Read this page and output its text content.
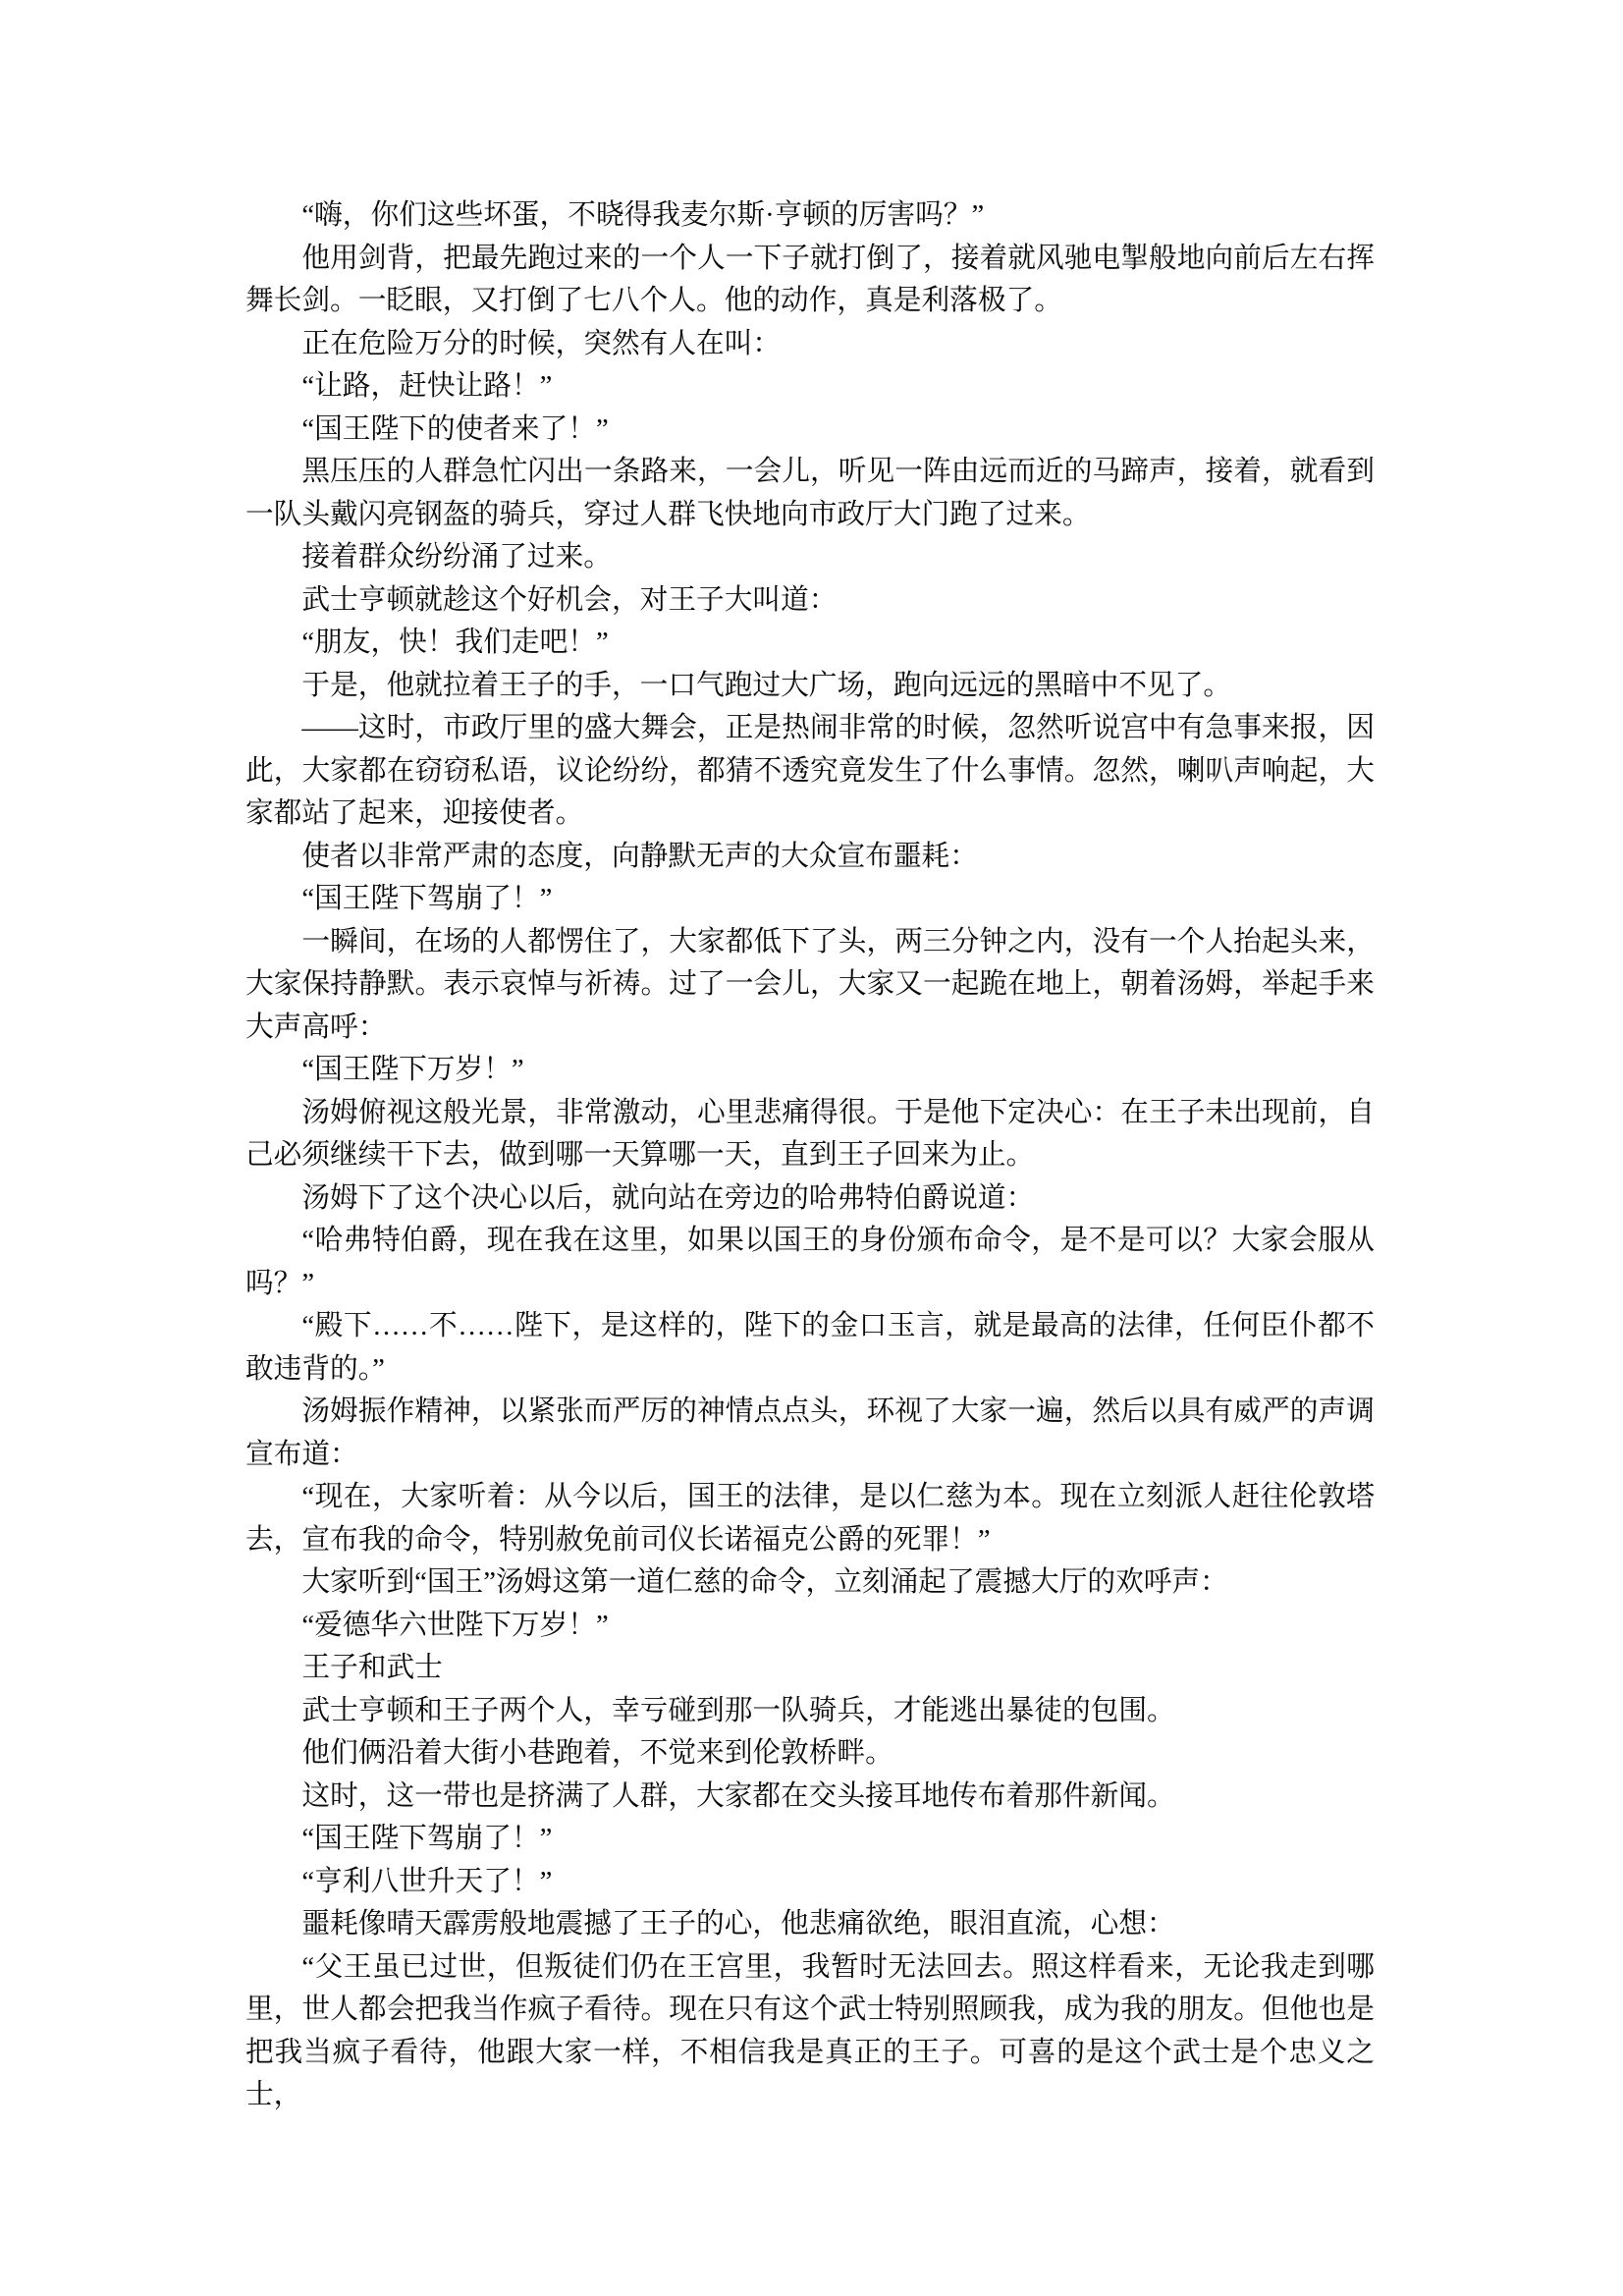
“嗨，你们这些坏蛋，不晓得我麦尔斯·亨顿的厉害吗？”

他用剑背，把最先跑过来的一个人一下子就打倒了，接着就风驰电掣般地向前后左右挥舞长剑。一眨眼，又打倒了七八个人。他的动作，真是利落极了。

正在危险万分的时候，突然有人在叫：

“让路，赶快让路！”

“国王陛下的使者来了！”

黑压压的人群急忙闪出一条路来，一会儿，听见一阵由远而近的马蹄声，接着，就看到一队头戴闪亮钢盔的骑兵，穿过人群飞快地向市政厅大门跑了过来。

接着群众纷纷涌了过来。

武士亨顿就趁这个好机会，对王子大叫道：

“朋友，快！我们走吧！”

于是，他就拉着王子的手，一口气跑过大广场，跑向远远的黑暗中不见了。

——这时，市政厅里的盛大舞会，正是热闹非常的时候，忽然听说宫中有急事来报，因此，大家都在窃窃私语，议论纷纷，都猜不透究竟发生了什么事情。忽然，喇叭声响起，大家都站了起来，迎接使者。

使者以非常严肃的态度，向静默无声的大众宣布噩耗：

“国王陛下驾崩了！”

一瞬间，在场的人都愣住了，大家都低下了头，两三分钟之内，没有一个人抬起头来，大家保持静默。表示哀悼与祈祷。过了一会儿，大家又一起跪在地上，朝着汤姆，举起手来大声高呼：

“国王陛下万岁！”

汤姆俯视这般光景，非常激动，心里悲痛得很。于是他下定决心：在王子未出现前，自己必须继续干下去，做到哪一天算哪一天，直到王子回来为止。

汤姆下了这个决心以后，就向站在旁边的哈弗特伯爵说道：

“哈弗特伯爵，现在我在这里，如果以国王的身份颁布命令，是不是可以？大家会服从吗？”

“殿下……不……陛下，是这样的，陛下的金口玉言，就是最高的法律，任何臣仆都不敢违背的。”

汤姆振作精神，以紧张而严厉的神情点点头，环视了大家一遍，然后以具有威严的声调宣布道：

“现在，大家听着：从今以后，国王的法律，是以仁慈为本。现在立刻派人赶往伦敦塔去，宣布我的命令，特别赦免前司仪长诺福克公爵的死罪！”

大家听到“国王”汤姆这第一道仁慈的命令，立刻涌起了震撼大厅的欢呼声：

“爱德华六世陛下万岁！”

王子和武士

武士亨顿和王子两个人，幸亏碰到那一队骑兵，才能逃出暴徒的包围。

他们俩沿着大街小巷跑着，不觉来到伦敦桥畔。

这时，这一带也是挤满了人群，大家都在交头接耳地传布着那件新闻。

“国王陛下驾崩了！”

“亨利八世升天了！”

噩耗像晴天霹雳般地震撼了王子的心，他悲痛欲绝，眼泪直流，心想：

“父王虽已过世，但叛徒们仍在王宫里，我暂时无法回去。照这样看来，无论我走到哪里，世人都会把我当作疯子看待。现在只有这个武士特别照顾我，成为我的朋友。但他也是把我当疯子看待，他跟大家一样，不相信我是真正的王子。可喜的是这个武士是个忠义之士，
